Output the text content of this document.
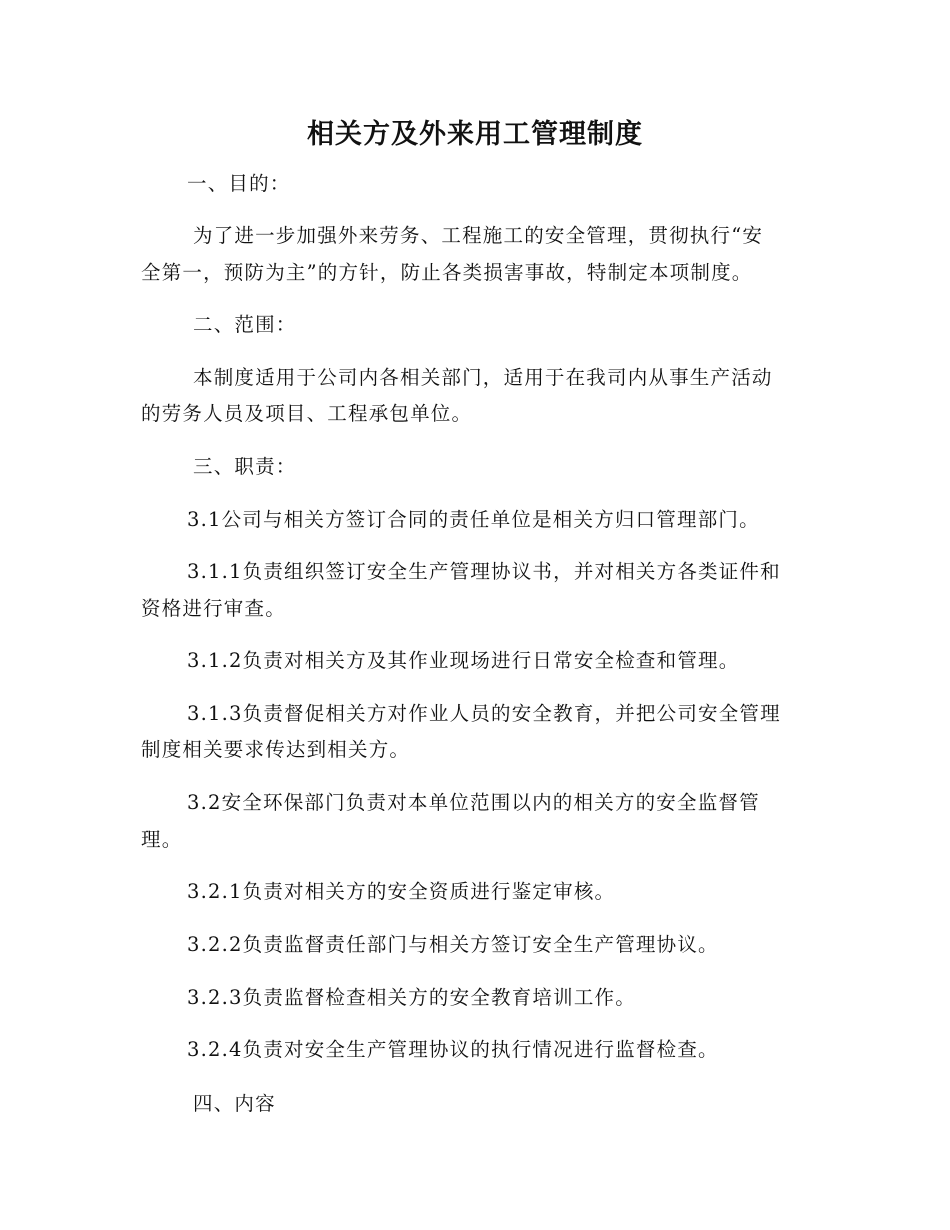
相关方及外来用工管理制度
一、目的：
为了进一步加强外来劳务、工程施工的安全管理，贯彻执行“安
全第一，预防为主”的方针，防止各类损害事故，特制定本项制度。
二、范围：
本制度适用于公司内各相关部门，适用于在我司内从事生产活动
的劳务人员及项目、工程承包单位。
三、职责：
3.1公司与相关方签订合同的责任单位是相关方归口管理部门。
3.1.1负责组织签订安全生产管理协议书，并对相关方各类证件和
资格进行审查。
3.1.2负责对相关方及其作业现场进行日常安全检查和管理。
3.1.3负责督促相关方对作业人员的安全教育，并把公司安全管理
制度相关要求传达到相关方。
3.2安全环保部门负责对本单位范围以内的相关方的安全监督管
理。
3.2.1负责对相关方的安全资质进行鉴定审核。
3.2.2负责监督责任部门与相关方签订安全生产管理协议。
3.2.3负责监督检查相关方的安全教育培训工作。
3.2.4负责对安全生产管理协议的执行情况进行监督检查。
四、内容
